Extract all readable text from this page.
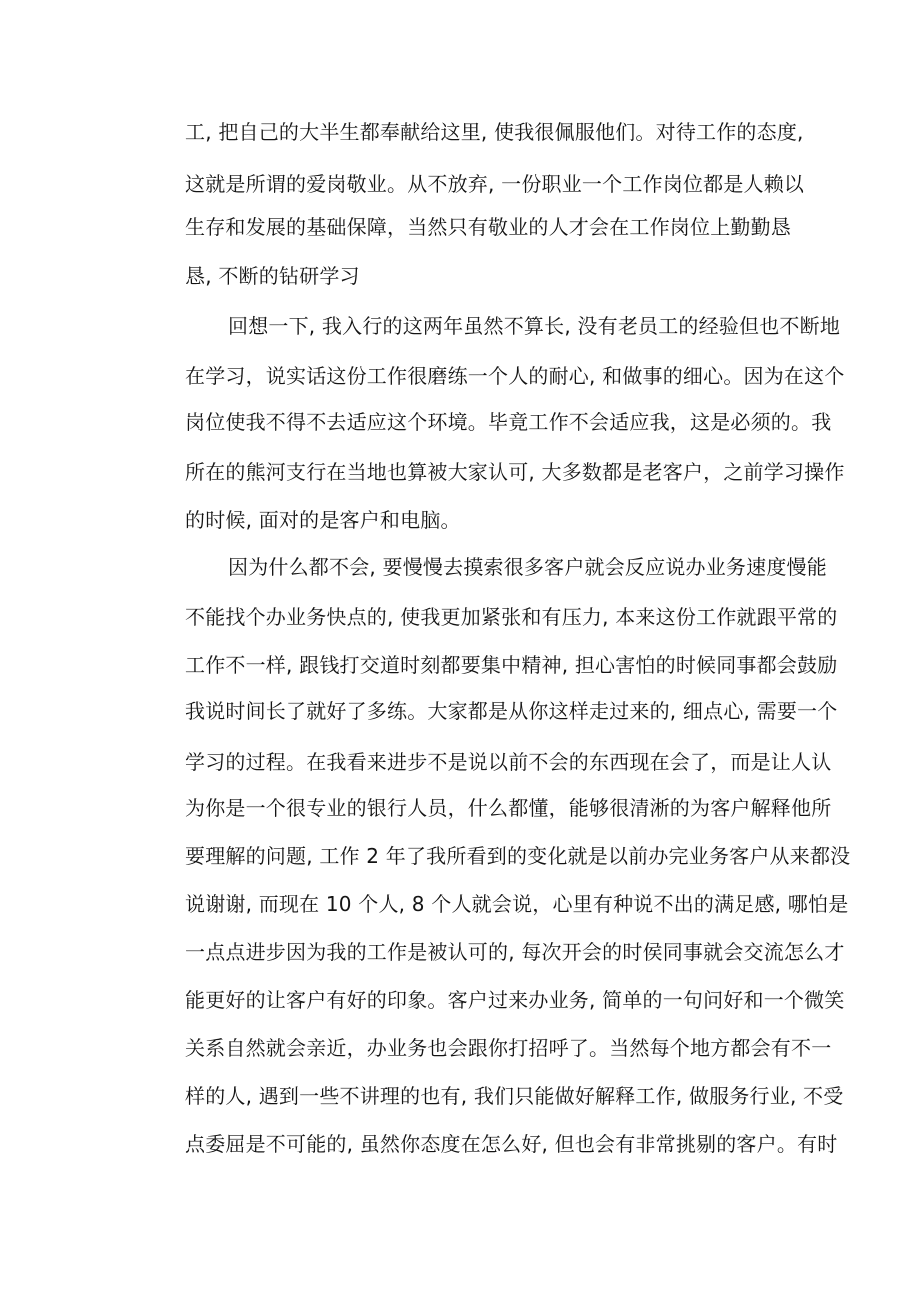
工, 把自己的大半生都奉献给这里, 使我很佩服他们。对待工作的态度,
这就是所谓的爱岗敬业。从不放弃, 一份职业一个工作岗位都是人赖以
生存和发展的基础保障，当然只有敬业的人才会在工作岗位上勤勤恳
恳, 不断的钻研学习
回想一下, 我入行的这两年虽然不算长, 没有老员工的经验但也不断地
在学习，说实话这份工作很磨练一个人的耐心, 和做事的细心。因为在这个
岗位使我不得不去适应这个环境。毕竟工作不会适应我，这是必须的。我
所在的熊河支行在当地也算被大家认可, 大多数都是老客户，之前学习操作
的时候, 面对的是客户和电脑。
因为什么都不会, 要慢慢去摸索很多客户就会反应说办业务速度慢能
不能找个办业务快点的, 使我更加紧张和有压力, 本来这份工作就跟平常的
工作不一样, 跟钱打交道时刻都要集中精神, 担心害怕的时候同事都会鼓励
我说时间长了就好了多练。大家都是从你这样走过来的, 细点心, 需要一个
学习的过程。在我看来进步不是说以前不会的东西现在会了，而是让人认
为你是一个很专业的银行人员，什么都懂，能够很清淅的为客户解释他所
要理解的问题, 工作 2 年了我所看到的变化就是以前办完业务客户从来都没
说谢谢, 而现在 10 个人, 8 个人就会说，心里有种说不出的满足感, 哪怕是
一点点进步因为我的工作是被认可的, 每次开会的时侯同事就会交流怎么才
能更好的让客户有好的印象。客户过来办业务, 简单的一句问好和一个微笑
关系自然就会亲近，办业务也会跟你打招呼了。当然每个地方都会有不一
样的人, 遇到一些不讲理的也有, 我们只能做好解释工作, 做服务行业, 不受
点委屈是不可能的, 虽然你态度在怎么好, 但也会有非常挑剔的客户。有时
